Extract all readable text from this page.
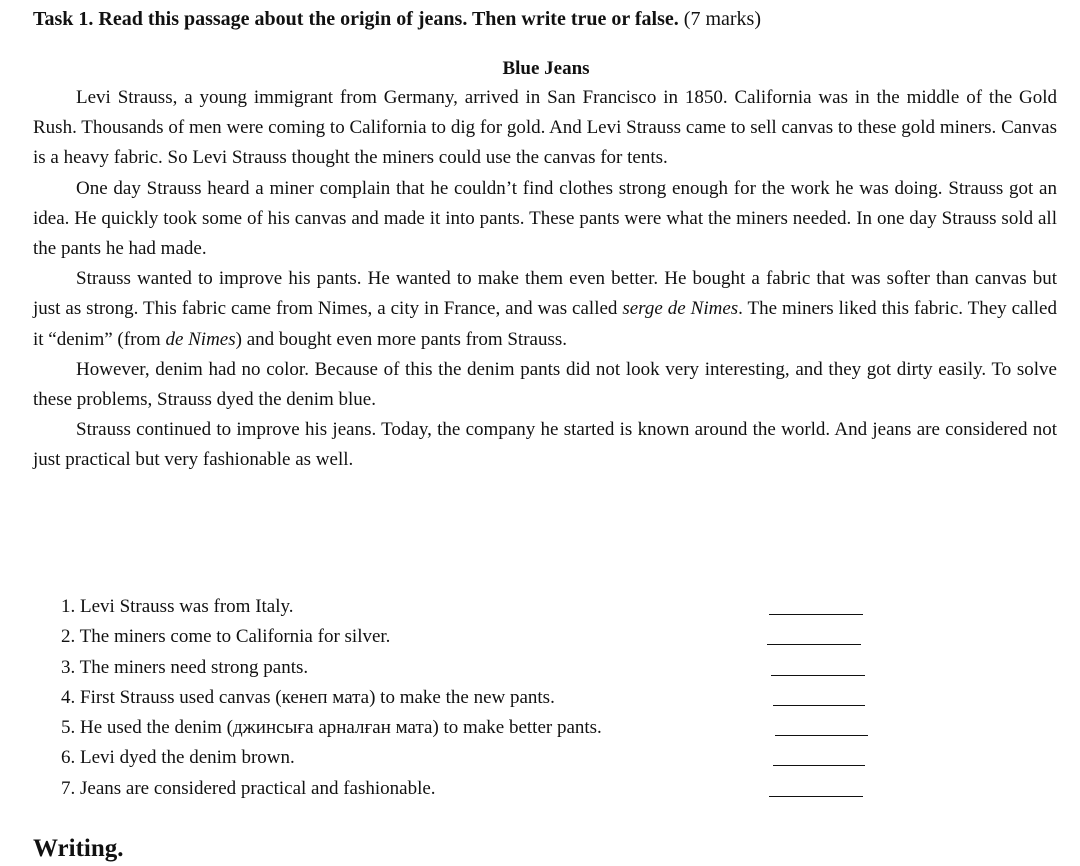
Task 1. Read this passage about the origin of jeans. Then write true or false. (7 marks)
Blue Jeans

Levi Strauss, a young immigrant from Germany, arrived in San Francisco in 1850. California was in the middle of the Gold Rush. Thousands of men were coming to California to dig for gold. And Levi Strauss came to sell canvas to these gold miners. Canvas is a heavy fabric. So Levi Strauss thought the miners could use the canvas for tents.

One day Strauss heard a miner complain that he couldn’t find clothes strong enough for the work he was doing. Strauss got an idea. He quickly took some of his canvas and made it into pants. These pants were what the miners needed. In one day Strauss sold all the pants he had made.

Strauss wanted to improve his pants. He wanted to make them even better. He bought a fabric that was softer than canvas but just as strong. This fabric came from Nimes, a city in France, and was called serge de Nimes. The miners liked this fabric. They called it “denim” (from de Nimes) and bought even more pants from Strauss.

However, denim had no color. Because of this the denim pants did not look very interesting, and they got dirty easily. To solve these problems, Strauss dyed the denim blue.

Strauss continued to improve his jeans. Today, the company he started is known around the world. And jeans are considered not just practical but very fashionable as well.

1. Levi Strauss was from Italy.
2. The miners come to California for silver.
3. The miners need strong pants.
4. First Strauss used canvas (кенеп мата) to make the new pants.
5. He used the denim (джинсыға арналған мата) to make better pants.
6. Levi dyed the denim brown.
7. Jeans are considered practical and fashionable.
Writing.
